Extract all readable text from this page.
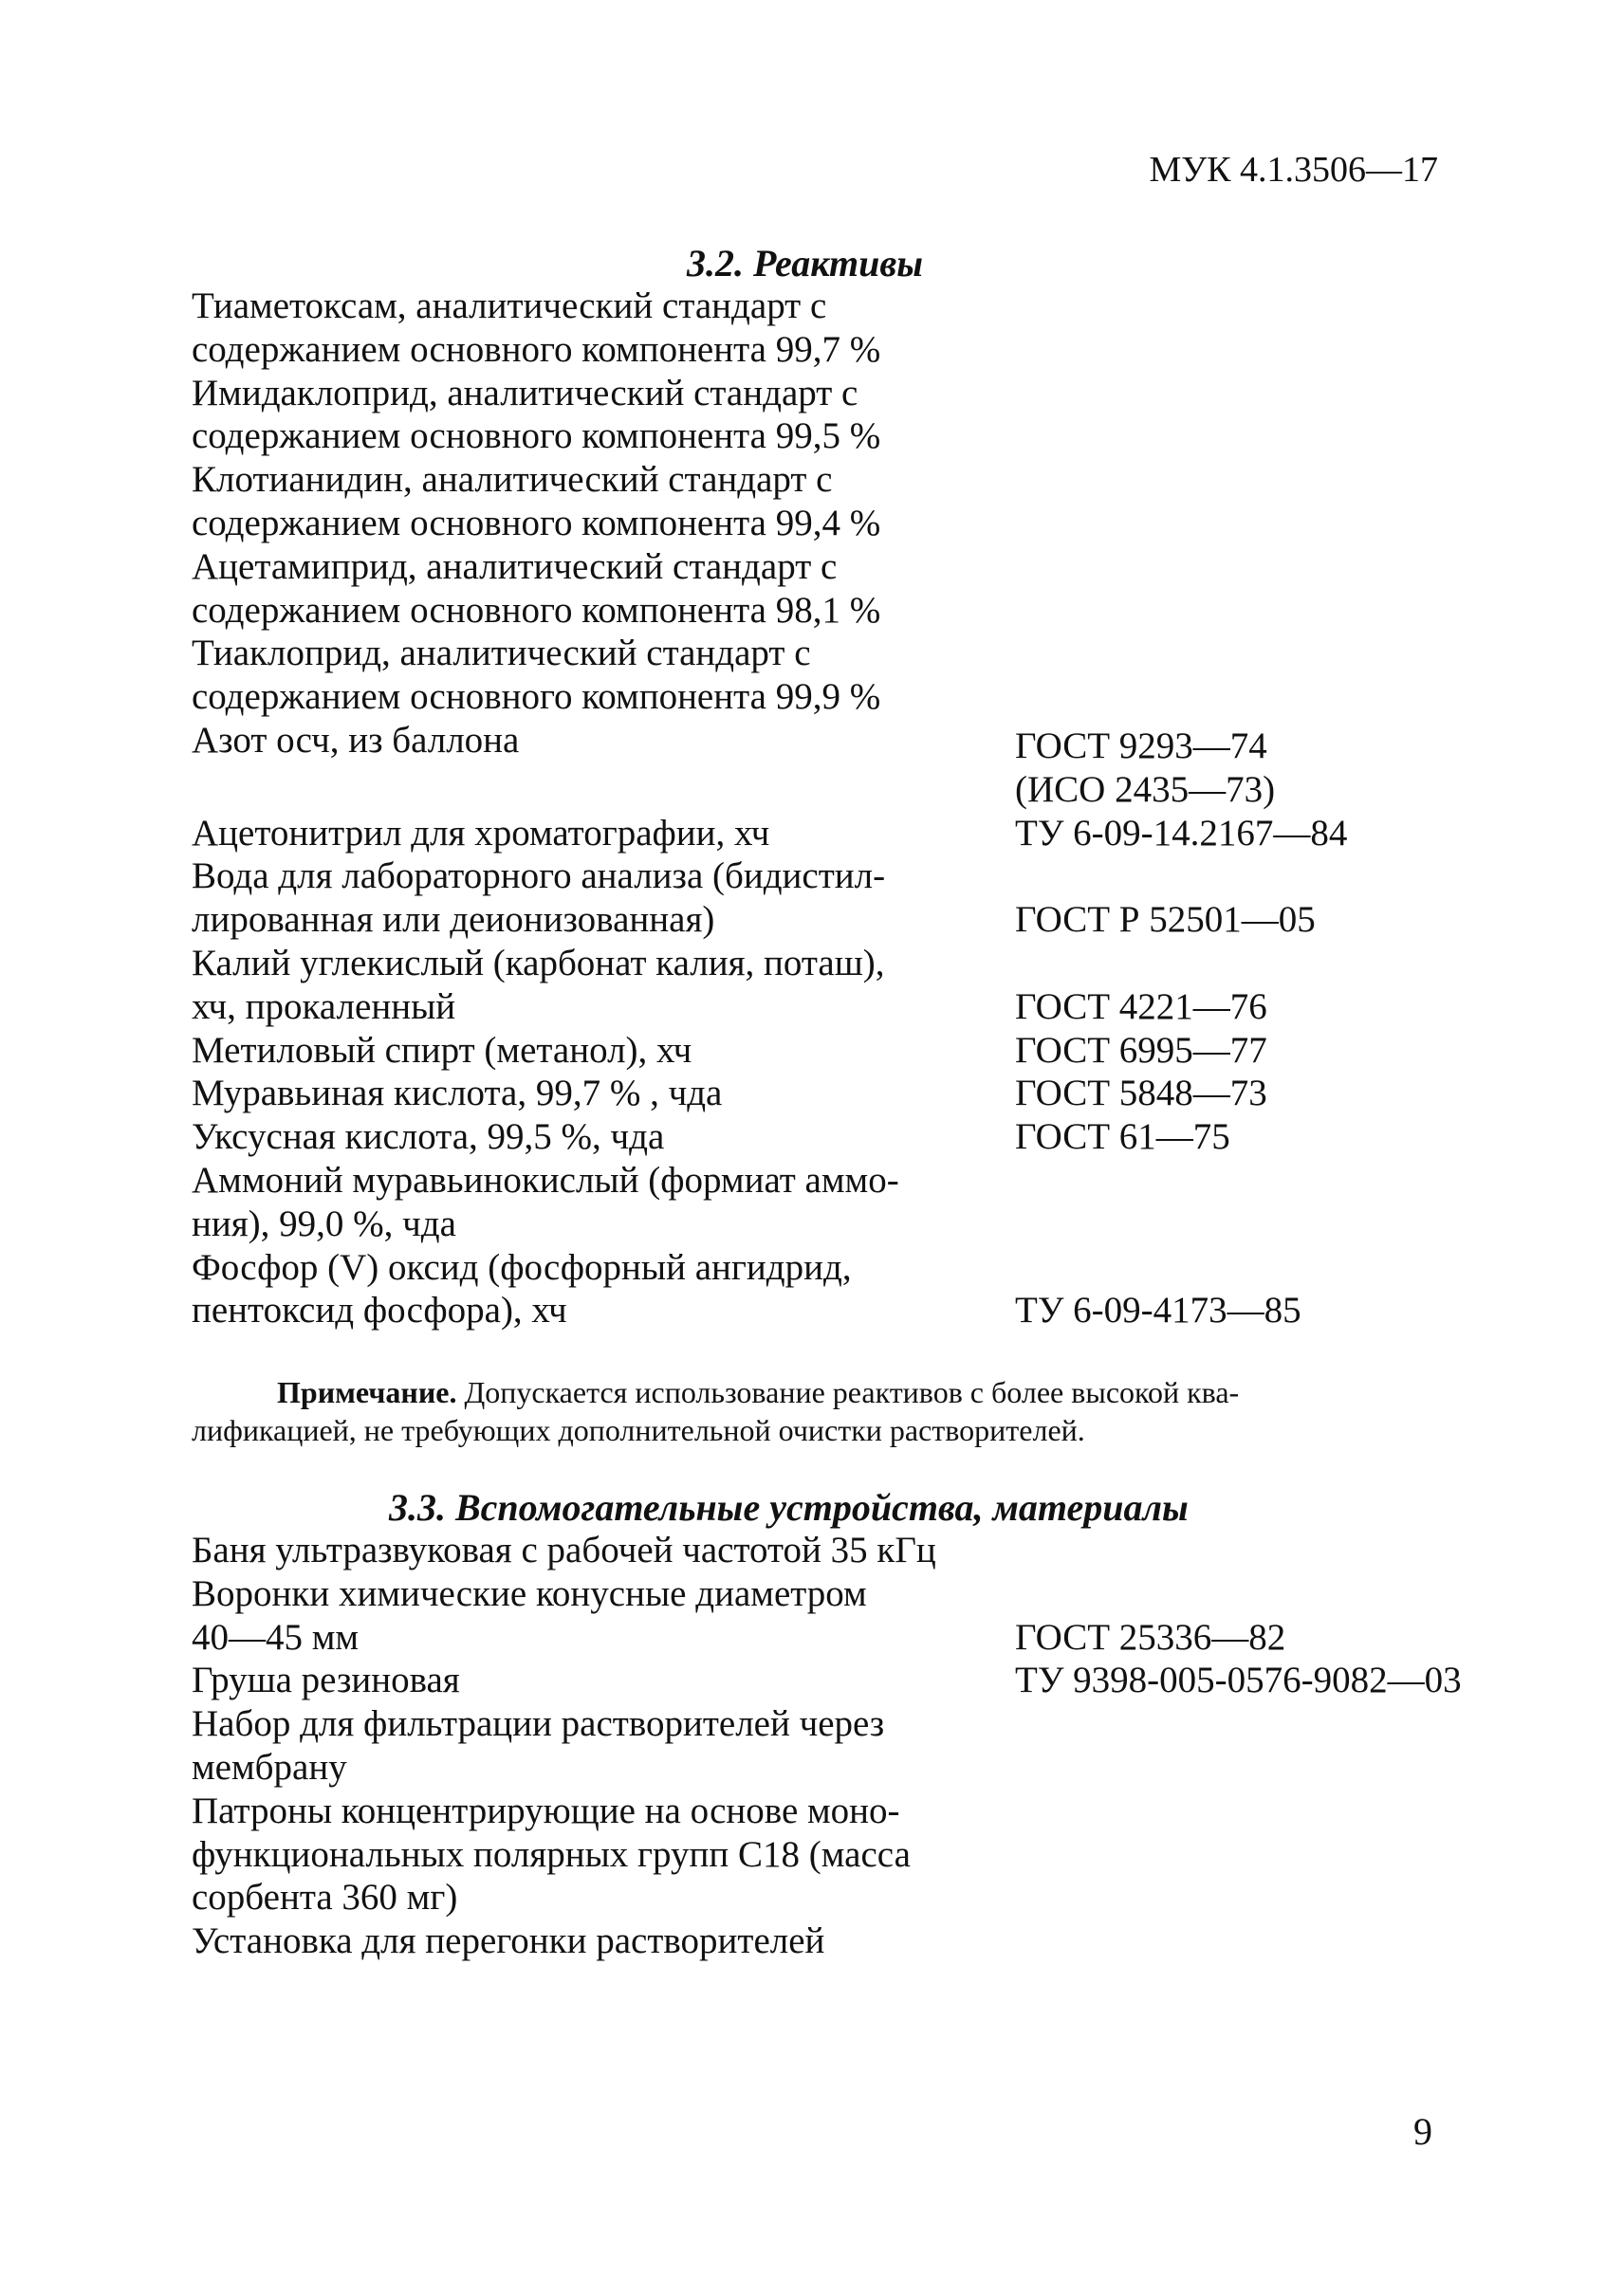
МУК 4.1.3506—17
3.2. Реактивы
Тиаметоксам, аналитический стандарт с
содержанием основного компонента 99,7 %
Имидаклоприд, аналитический стандарт с
содержанием основного компонента 99,5 %
Клотианидин, аналитический стандарт с
содержанием основного компонента 99,4 %
Ацетамиприд, аналитический стандарт с
содержанием основного компонента 98,1 %
Тиаклоприд, аналитический стандарт с
содержанием основного компонента 99,9 %
Азот осч, из баллона	ГОСТ 9293—74
(ИСО 2435—73)
Ацетонитрил для хроматографии, хч	ТУ 6-09-14.2167—84
Вода для лабораторного анализа (бидистил-
лированная или деионизованная)	ГОСТ Р 52501—05
Калий углекислый (карбонат калия, поташ),
хч, прокаленный	ГОСТ 4221—76
Метиловый спирт (метанол), хч	ГОСТ 6995—77
Муравьиная кислота, 99,7 % , чда	ГОСТ 5848—73
Уксусная кислота, 99,5 %, чда	ГОСТ 61—75
Аммоний муравьинокислый (формиат аммо-
ния), 99,0 %, чда
Фосфор (V) оксид (фосфорный ангидрид,
пентоксид фосфора), хч	ТУ 6-09-4173—85
Примечание. Допускается использование реактивов с более высокой ква-
лификацией, не требующих дополнительной очистки растворителей.
3.3. Вспомогательные устройства, материалы
Баня ультразвуковая с рабочей частотой 35 кГц
Воронки химические конусные диаметром
40—45 мм	ГОСТ 25336—82
Груша резиновая	ТУ 9398-005-0576-9082—03
Набор для фильтрации растворителей через
мембрану
Патроны концентрирующие на основе моно-
функциональных полярных групп С18 (масса
сорбента 360 мг)
Установка для перегонки растворителей
9
